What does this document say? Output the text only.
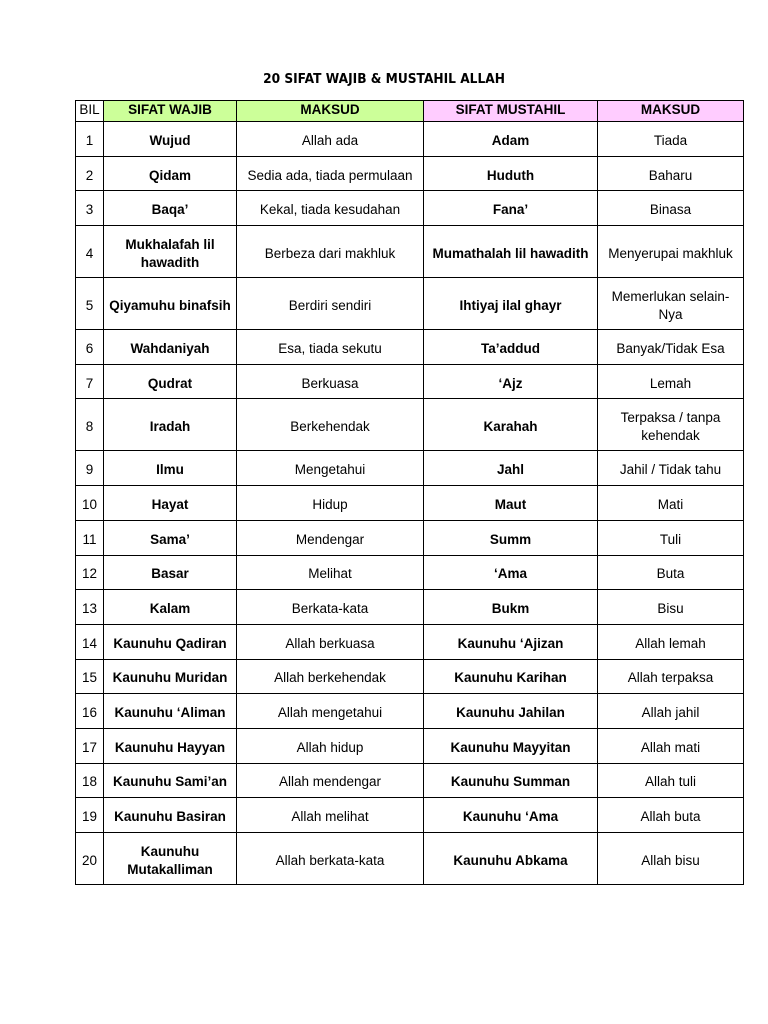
20 SIFAT WAJIB & MUSTAHIL ALLAH
BIL	SIFAT WAJIB	MAKSUD	SIFAT MUSTAHIL	MAKSUD
1	Wujud	Allah ada	Adam	Tiada
2	Qidam	Sedia ada, tiada permulaan	Huduth	Baharu
3	Baqa’	Kekal, tiada kesudahan	Fana’	Binasa
4	Mukhalafah lil hawadith	Berbeza dari makhluk	Mumathalah lil hawadith	Menyerupai makhluk
5	Qiyamuhu binafsih	Berdiri sendiri	Ihtiyaj ilal ghayr	Memerlukan selain-Nya
6	Wahdaniyah	Esa, tiada sekutu	Ta’addud	Banyak/Tidak Esa
7	Qudrat	Berkuasa	‘Ajz	Lemah
8	Iradah	Berkehendak	Karahah	Terpaksa / tanpa kehendak
9	Ilmu	Mengetahui	Jahl	Jahil / Tidak tahu
10	Hayat	Hidup	Maut	Mati
11	Sama’	Mendengar	Summ	Tuli
12	Basar	Melihat	‘Ama	Buta
13	Kalam	Berkata-kata	Bukm	Bisu
14	Kaunuhu Qadiran	Allah berkuasa	Kaunuhu ‘Ajizan	Allah lemah
15	Kaunuhu Muridan	Allah berkehendak	Kaunuhu Karihan	Allah terpaksa
16	Kaunuhu ‘Aliman	Allah mengetahui	Kaunuhu Jahilan	Allah jahil
17	Kaunuhu Hayyan	Allah hidup	Kaunuhu Mayyitan	Allah mati
18	Kaunuhu Sami’an	Allah mendengar	Kaunuhu Summan	Allah tuli
19	Kaunuhu Basiran	Allah melihat	Kaunuhu ‘Ama	Allah buta
20	Kaunuhu Mutakalliman	Allah berkata-kata	Kaunuhu Abkama	Allah bisu
